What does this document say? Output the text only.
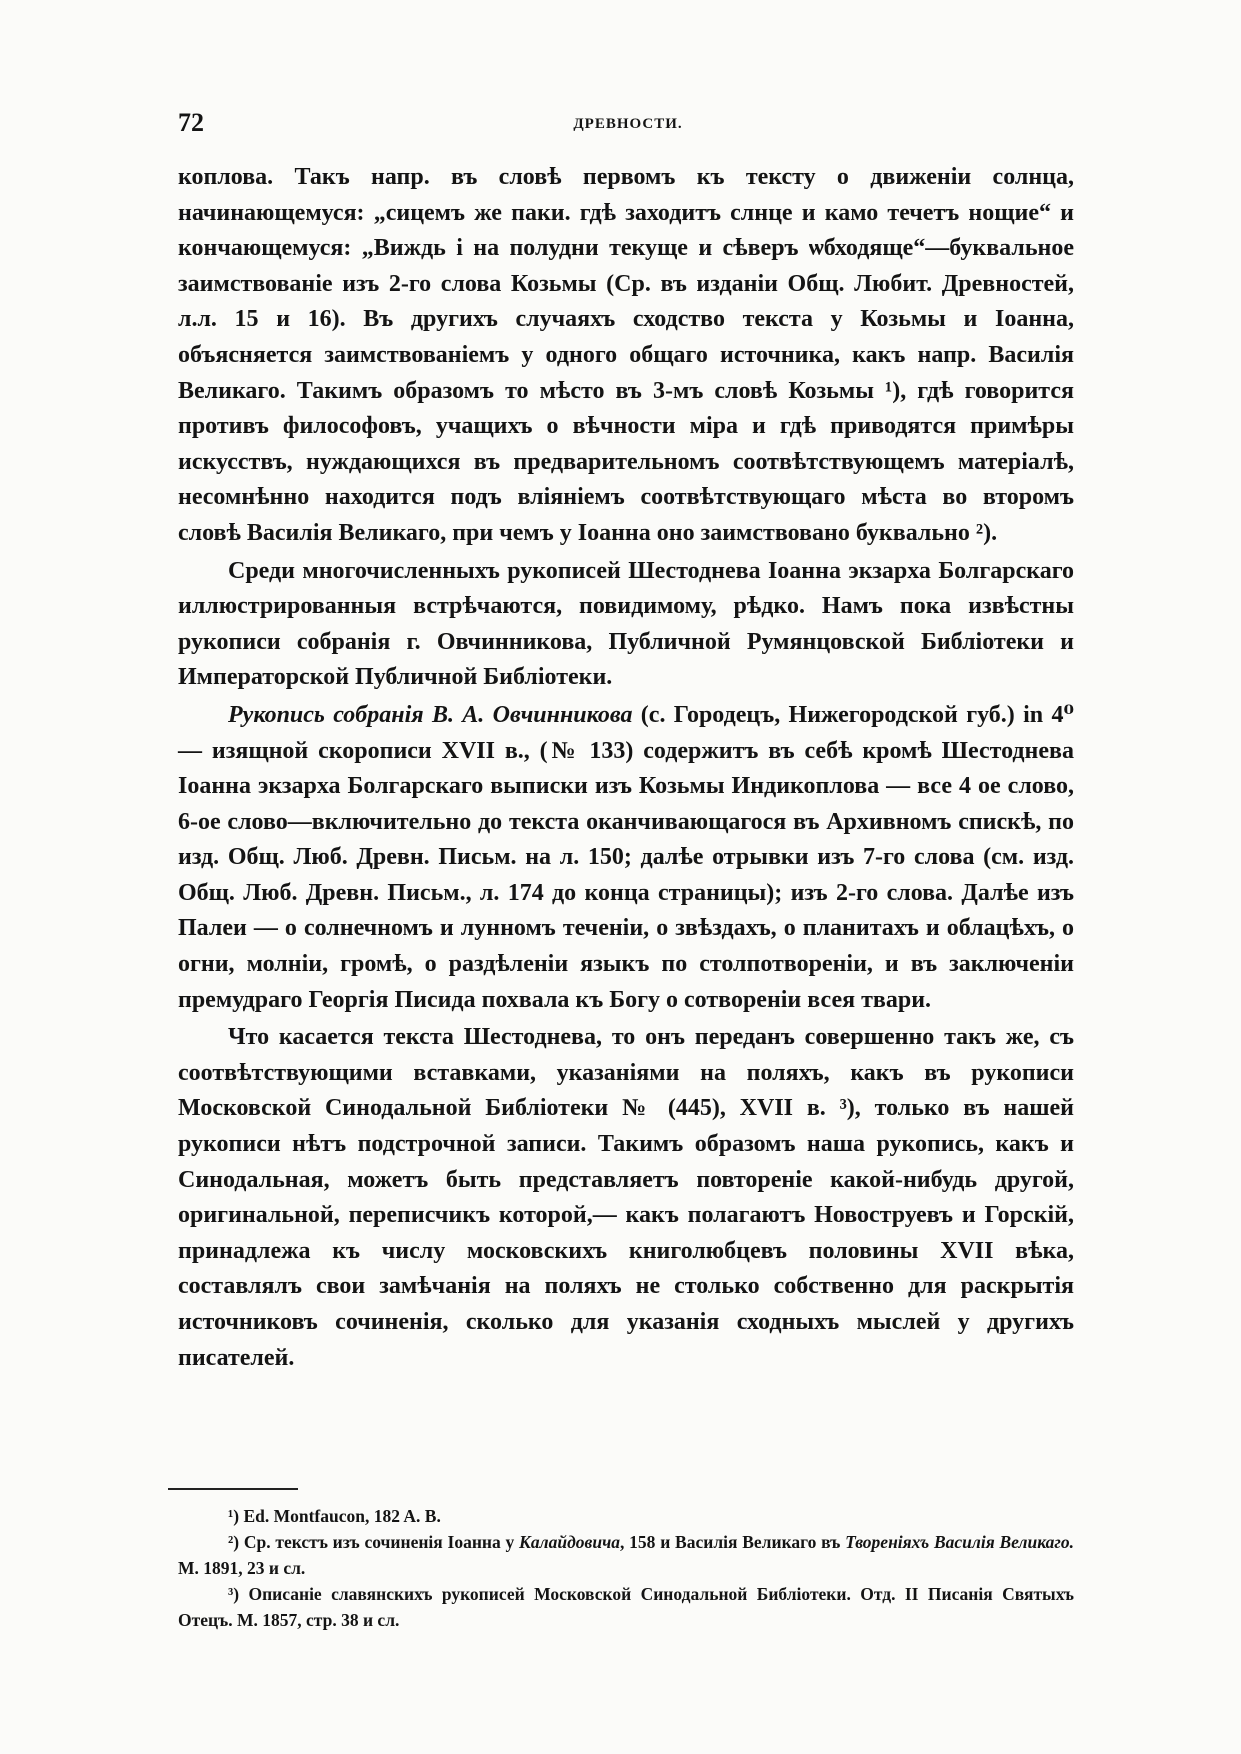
72	ДРЕВНОСТИ.

коплова. Такъ напр. въ словѣ первомъ къ тексту о движеніи солнца, начинающемуся: „сицемъ же паки. гдѣ заходитъ слнце и камо течетъ нощие“ и кончающемуся: „Виждь і на полудни текуще и сѣверъ ѡбходяще“—буквальное заимствованіе изъ 2-го слова Козьмы (Ср. въ изданіи Общ. Любит. Древностей, л.л. 15 и 16). Въ другихъ случаяхъ сходство текста у Козьмы и Іоанна, объясняется заимствованіемъ у одного общаго источника, какъ напр. Василія Великаго. Такимъ образомъ то мѣсто въ 3-мъ словѣ Козьмы ¹), гдѣ говорится противъ философовъ, учащихъ о вѣчности міра и гдѣ приводятся примѣры искусствъ, нуждающихся въ предварительномъ соотвѣтствующемъ матеріалѣ, несомнѣнно находится подъ вліяніемъ соотвѣтствующаго мѣста во второмъ словѣ Василія Великаго, при чемъ у Іоанна оно заимствовано буквально ²).

Среди многочисленныхъ рукописей Шестоднева Іоанна экзарха Болгарскаго иллюстрированныя встрѣчаются, повидимому, рѣдко. Намъ пока извѣстны рукописи собранія г. Овчинникова, Публичной Румянцовской Библіотеки и Императорской Публичной Библіотеки.

Рукопись собранія В. А. Овчинникова (с. Городецъ, Нижегородской губ.) in 4⁰ — изящной скорописи XVII в., (№ 133) содержитъ въ себѣ кромѣ Шестоднева Іоанна экзарха Болгарскаго выписки изъ Козьмы Индикоплова — все 4 ое слово, 6-ое слово—включительно до текста оканчивающагося въ Архивномъ спискѣ, по изд. Общ. Люб. Древн. Письм. на л. 150; далѣе отрывки изъ 7-го слова (см. изд. Общ. Люб. Древн. Письм., л. 174 до конца страницы); изъ 2-го слова. Далѣе изъ Палеи — о солнечномъ и лунномъ теченіи, о звѣздахъ, о планитахъ и облацѣхъ, о огни, молніи, громѣ, о раздѣленіи языкъ по столпотвореніи, и въ заключеніи премудраго Георгія Писида похвала къ Богу о сотвореніи всея твари.

Что касается текста Шестоднева, то онъ переданъ совершенно такъ же, съ соотвѣтствующими вставками, указаніями на поляхъ, какъ въ рукописи Московской Синодальной Библіотеки № (445), XVII в. ³), только въ нашей рукописи нѣтъ подстрочной записи. Такимъ образомъ наша рукопись, какъ и Синодальная, можетъ быть представляетъ повтореніе какой-нибудь другой, оригинальной, переписчикъ которой,— какъ полагаютъ Новоструевъ и Горскій, принадлежа къ числу московскихъ книголюбцевъ половины XVII вѣка, составлялъ свои замѣчанія на поляхъ не столько собственно для раскрытія источниковъ сочиненія, сколько для указанія сходныхъ мыслей у другихъ писателей.

¹) Ed. Montfaucon, 182 A. B.

²) Ср. текстъ изъ сочиненія Іоанна у Калайдовича, 158 и Василія Великаго въ Твореніяхъ Василія Великаго. М. 1891, 23 и сл.

³) Описаніе славянскихъ рукописей Московской Синодальной Библіотеки. Отд. II Писанія Святыхъ Отецъ. М. 1857, стр. 38 и сл.
